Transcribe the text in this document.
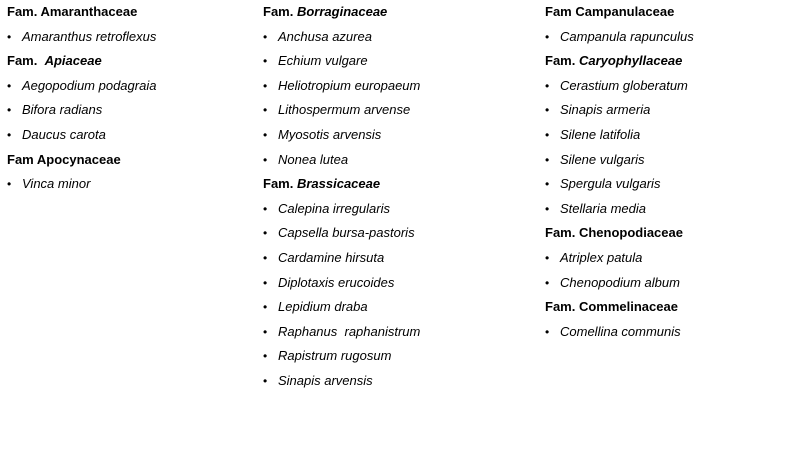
Fam. Amaranthaceae
• Amaranthus retroflexus
Fam.  Apiaceae
• Aegopodium podagraia
• Bifora radians
• Daucus carota
Fam Apocynaceae
• Vinca minor
Fam. Borraginaceae
• Anchusa azurea
• Echium vulgare
• Heliotropium europaeum
• Lithospermum arvense
• Myosotis arvensis
• Nonea lutea
Fam. Brassicaceae
• Calepina irregularis
• Capsella bursa-pastoris
• Cardamine hirsuta
• Diplotaxis erucoides
• Lepidium draba
• Raphanus  raphanistrum
• Rapistrum rugosum
• Sinapis arvensis
Fam Campanulaceae
• Campanula rapunculus
Fam. Caryophyllaceae
• Cerastium globeratum
• Sinapis armeria
• Silene latifolia
• Silene vulgaris
• Spergula vulgaris
• Stellaria media
Fam. Chenopodiaceae
• Atriplex patula
• Chenopodium album
Fam. Commelinaceae
• Comellina communis
